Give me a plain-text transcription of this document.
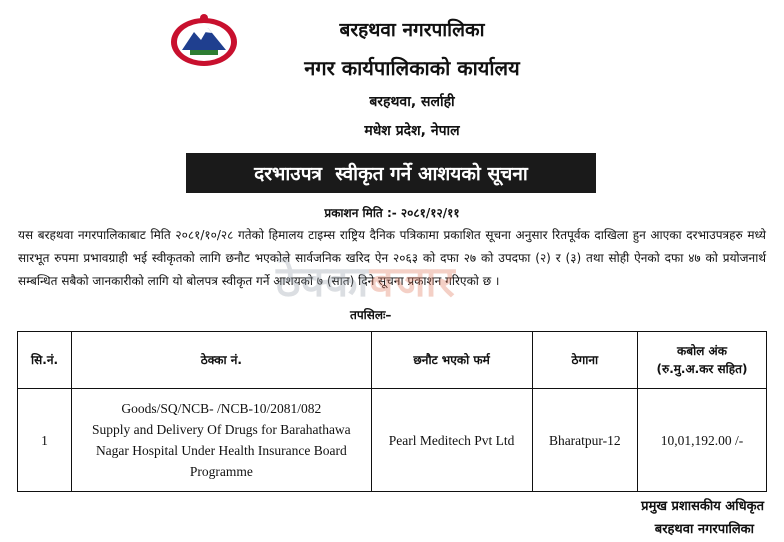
बरहथवा नगरपालिका
नगर कार्यपालिकाको कार्यालय
बरहथवा, सर्लाही
मधेश प्रदेश, नेपाल
दरभाउपत्र  स्वीकृत गर्ने आशयको सूचना
प्रकाशन मिति :- २०८१/१२/११
यस बरहथवा नगरपालिकाबाट मिति २०८१/१०/२८ गतेको हिमालय टाइम्स राष्ट्रिय दैनिक पत्रिकामा प्रकाशित सूचना अनुसार रितपूर्वक दाखिला हुन आएका दरभाउपत्रहरु मध्ये सारभूत रुपमा प्रभावग्राही भई स्वीकृतको लागि छनौट भएकोले सार्वजनिक खरिद ऐन २०६३ को दफा २७ को उपदफा (२) र (३) तथा सोही ऐनको दफा ४७ को प्रयोजनार्थ सम्बन्धित सबैको जानकारीको लागि यो बोलपत्र स्वीकृत गर्ने आशयको ७ (सात) दिने सूचना प्रकाशन गरिएको छ ।
ठेक्काबजार
तपसिलः–
सि.नं.	ठेक्का नं.	छनौट भएको फर्म	ठेगाना	कबोल अंक
(रु.मु.अ.कर सहित)

1	Goods/SQ/NCB- /NCB-10/2081/082
Supply and Delivery Of Drugs for Barahathawa
Nagar Hospital Under Health Insurance Board
Programme	Pearl Meditech Pvt Ltd	Bharatpur-12	10,01,192.00 /-
प्रमुख प्रशासकीय अधिकृत
बरहथवा नगरपालिका
